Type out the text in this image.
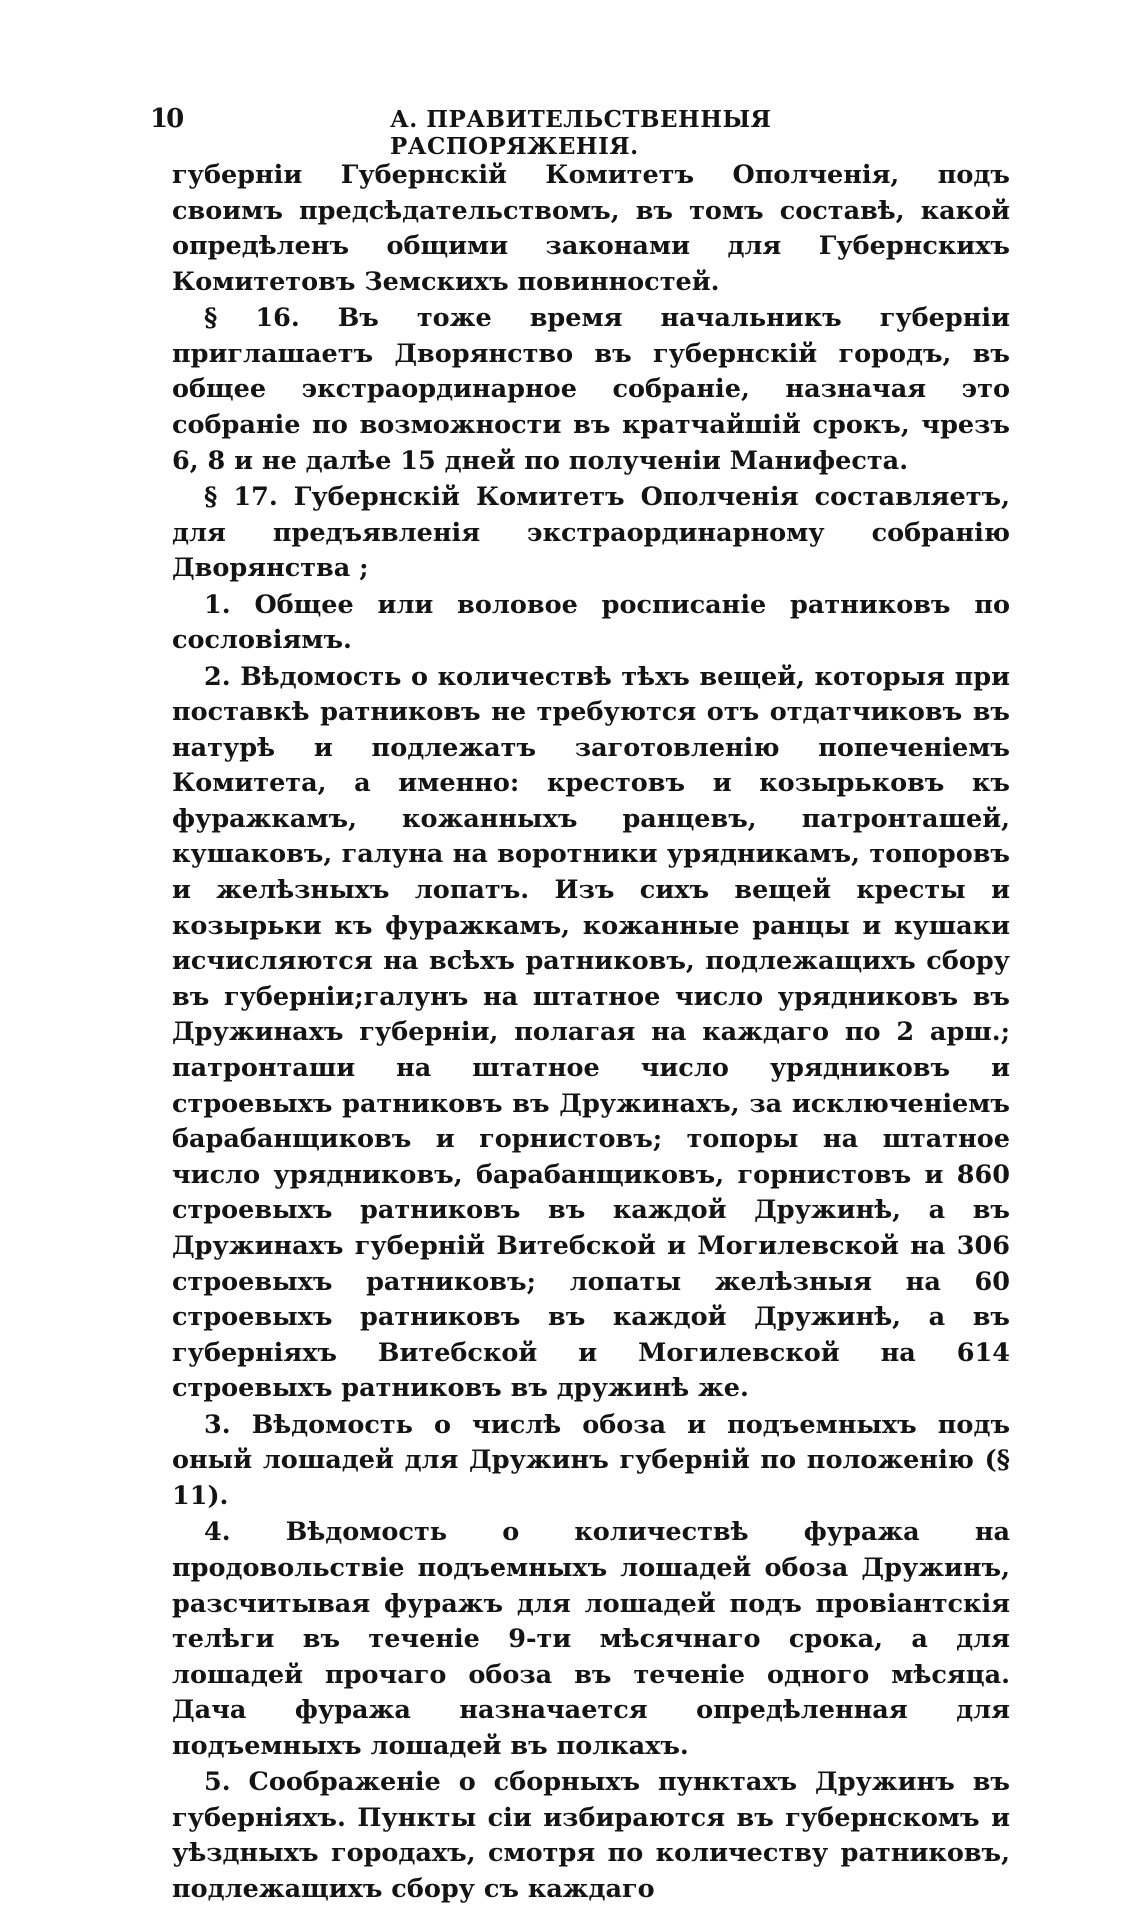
10	А. ПРАВИТЕЛЬСТВЕННЫЯ РАСПОРЯЖЕНІЯ.

губерніи Губернскій Комитетъ Ополченія, подъ своимъ предсѣдательствомъ, въ томъ составѣ, какой опредѣленъ общими законами для Губернскихъ Комитетовъ Земскихъ повинностей.

§ 16. Въ тоже время начальникъ губерніи приглашаетъ Дворянство въ губернскій городъ, въ общее экстраординарное собраніе, назначая это собраніе по возможности въ кратчайшій срокъ, чрезъ 6, 8 и не далѣе 15 дней по полученіи Манифеста.

§ 17. Губернскій Комитетъ Ополченія составляетъ, для предъявленія экстраординарному собранію Дворянства ;

1. Общее или воловое росписаніе ратниковъ по сословіямъ.

2. Вѣдомость о количествѣ тѣхъ вещей, которыя при поставкѣ ратниковъ не требуются отъ отдатчиковъ въ натурѣ и подлежатъ заготовленію попеченіемъ Комитета, а именно: крестовъ и козырьковъ къ фуражкамъ, кожанныхъ ранцевъ, патронташей, кушаковъ, галуна на воротники урядникамъ, топоровъ и желѣзныхъ лопатъ. Изъ сихъ вещей кресты и козырьки къ фуражкамъ, кожанные ранцы и кушаки исчисляются на всѣхъ ратниковъ, подлежащихъ сбору въ губерніи;галунъ на штатное число урядниковъ въ Дружинахъ губерніи, полагая на каждаго по 2 арш.; патронташи на штатное число урядниковъ и строевыхъ ратниковъ въ Дружинахъ, за исключеніемъ барабанщиковъ и горнистовъ; топоры на штатное число урядниковъ, барабанщиковъ, горнистовъ и 860 строевыхъ ратниковъ въ каждой Дружинѣ, а въ Дружинахъ губерній Витебской и Могилевской на 306 строевыхъ ратниковъ; лопаты желѣзныя на 60 строевыхъ ратниковъ въ каждой Дружинѣ, а въ губерніяхъ Витебской и Могилевской на 614 строевыхъ ратниковъ въ дружинѣ же.

3. Вѣдомость о числѣ обоза и подъемныхъ подъ оный лошадей для Дружинъ губерній по положенію (§ 11).

4. Вѣдомость о количествѣ фуража на продовольствіе подъемныхъ лошадей обоза Дружинъ, разсчитывая фуражъ для лошадей подъ провіантскія телѣги въ теченіе 9-ти мѣсячнаго срока, а для лошадей прочаго обоза въ теченіе одного мѣсяца. Дача фуража назначается опредѣленная для подъемныхъ лошадей въ полкахъ.

5. Соображеніе о сборныхъ пунктахъ Дружинъ въ губерніяхъ. Пункты сіи избираются въ губернскомъ и уѣздныхъ городахъ, смотря по количеству ратниковъ, подлежащихъ сбору съ каждаго
